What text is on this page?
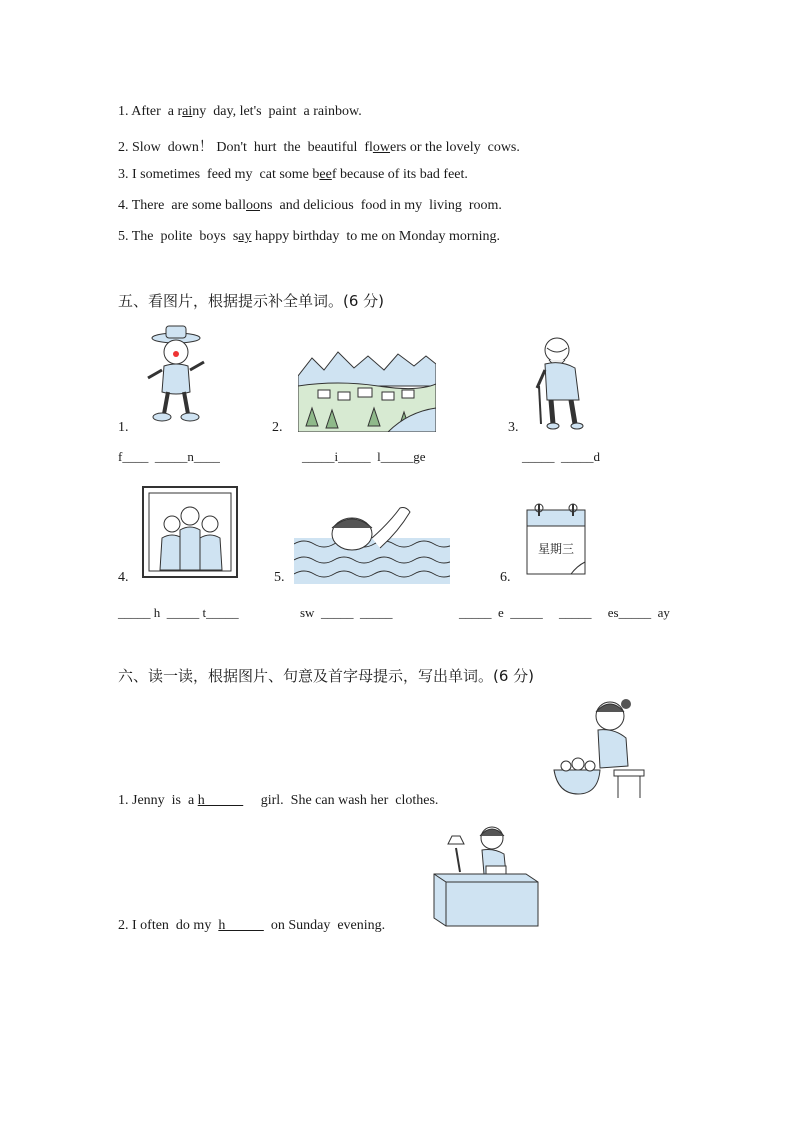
1. After  a rainy  day, let's  paint  a rainbow.
2. Slow  down！ Don't  hurt  the  beautiful  flowers or the lovely  cows.
3. I sometimes  feed my  cat some beef because of its bad feet.
4. There  are some balloons  and delicious  food in my  living  room.
5. The  polite  boys  say happy birthday  to me on Monday morning.
五、看图片，根据提示补全单词。(6 分)
1.	2.	3.
f____  _____n____	_____i_____  l_____ge	_____  _____d
星期三
4.	5.	6.
_____ h  _____ t_____	sw  _____  _____	_____  e  _____     _____     es_____  ay
六、读一读，根据图片、句意及首字母提示，写出单词。(6 分)
1. Jenny  is  a h                girl.  She can wash her  clothes.
2. I often  do my  h             on Sunday  evening.
